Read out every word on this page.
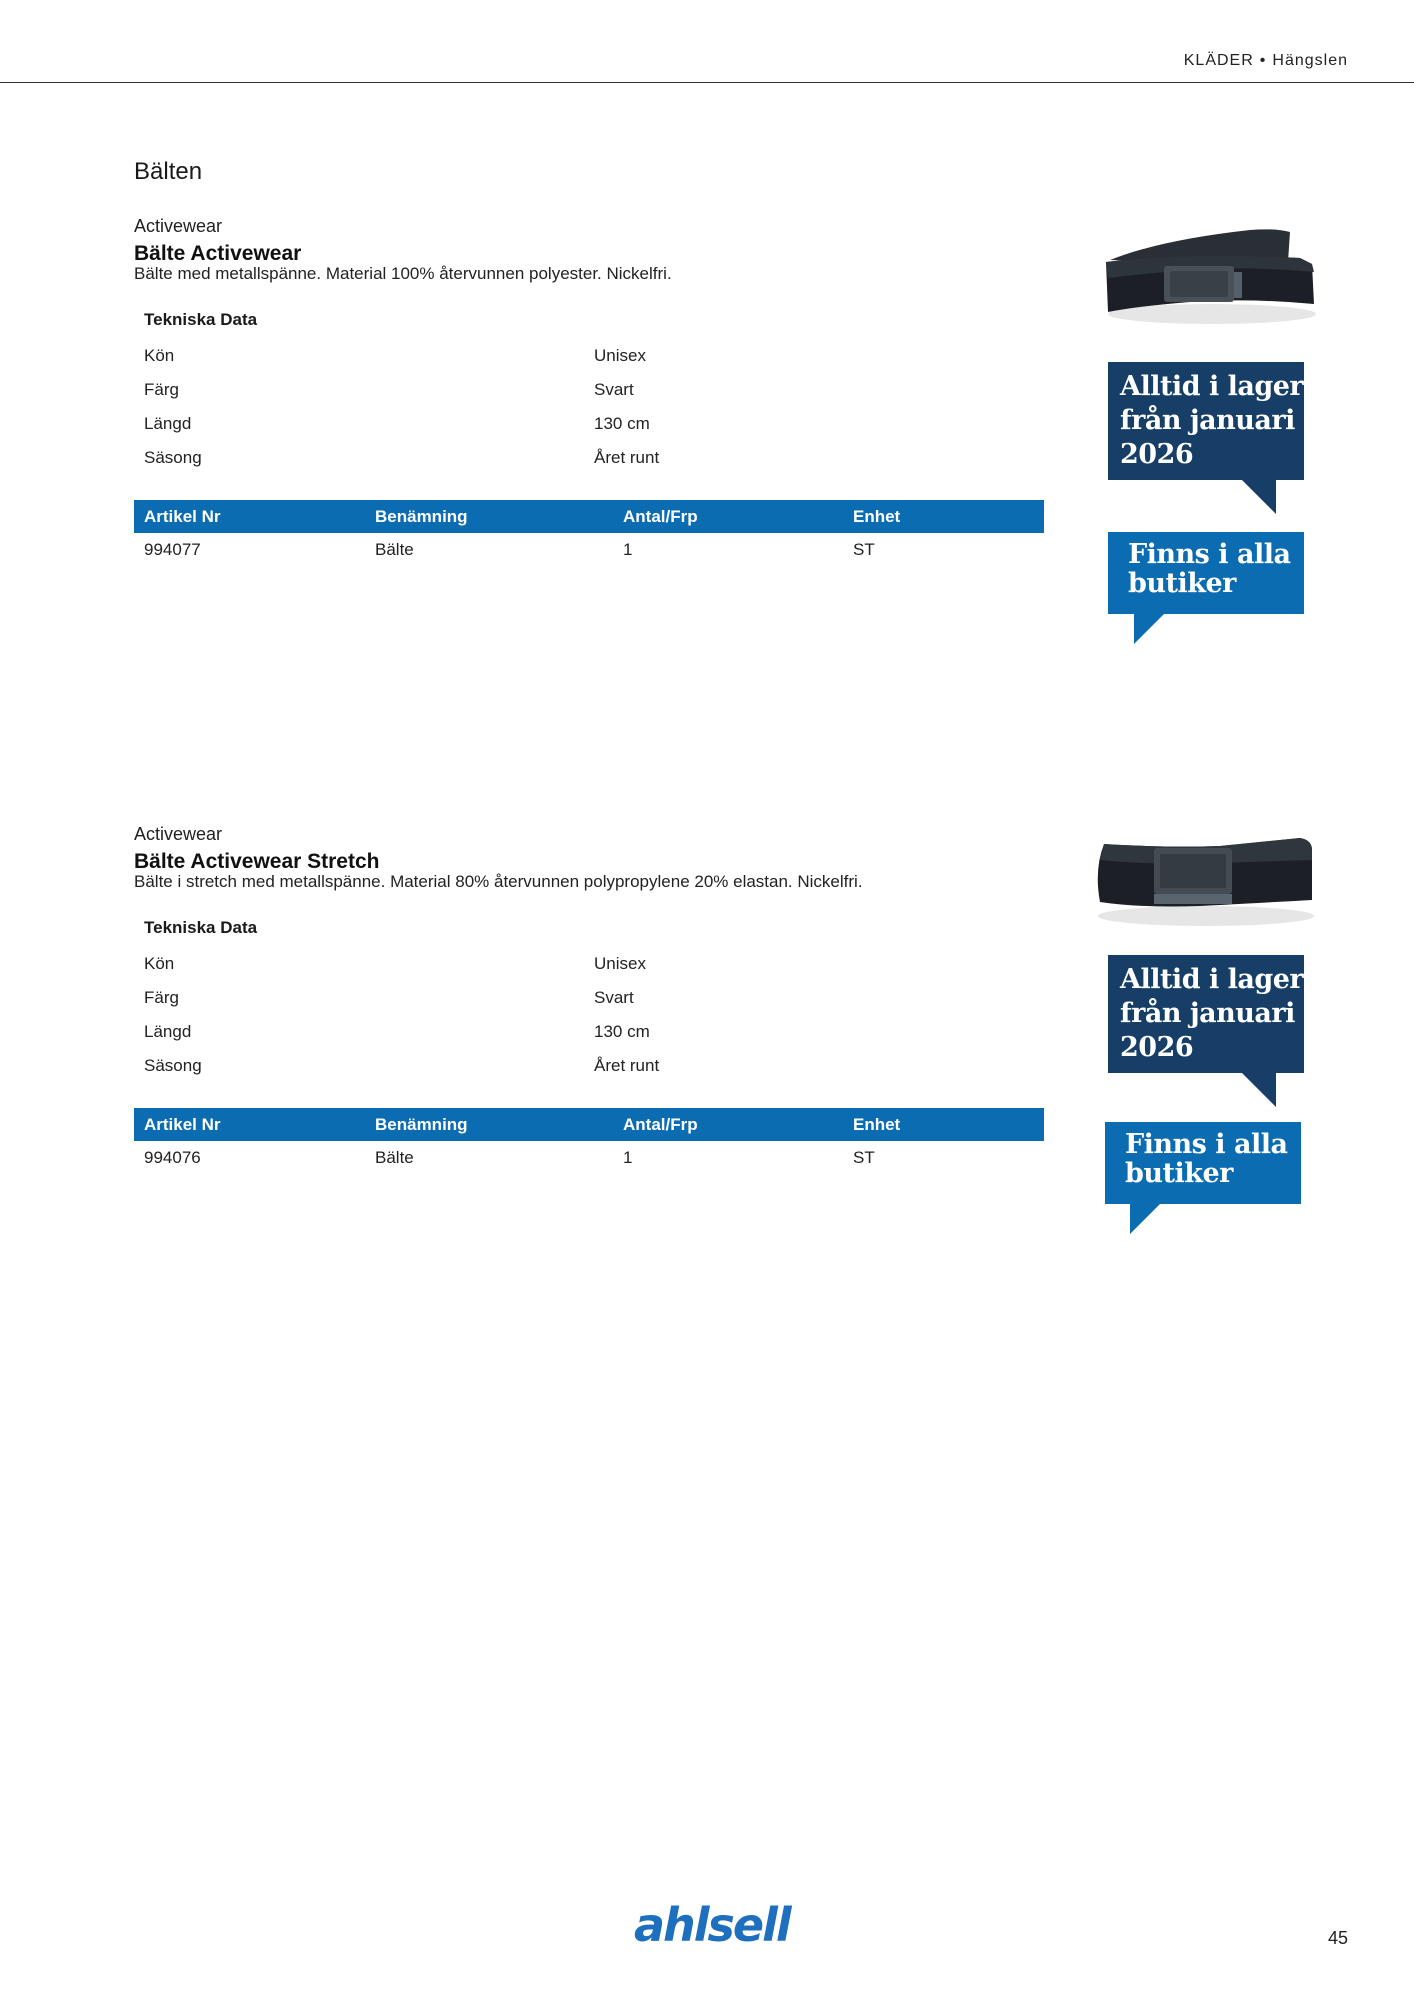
KLÄDER • Hängslen
Bälten
Activewear
Bälte Activewear
Bälte med metallspänne. Material 100% återvunnen polyester. Nickelfri.
Tekniska Data
Kön	Unisex
Färg	Svart
Längd	130 cm
Säsong	Året runt
Artikel Nr	Benämning	Antal/Frp	Enhet
994077	Bälte	1	ST
Alltid i lager
från januari
2026
Finns i alla
butiker
Activewear
Bälte Activewear Stretch
Bälte i stretch med metallspänne. Material 80% återvunnen polypropylene 20% elastan. Nickelfri.
Tekniska Data
Kön	Unisex
Färg	Svart
Längd	130 cm
Säsong	Året runt
Artikel Nr	Benämning	Antal/Frp	Enhet
994076	Bälte	1	ST
Alltid i lager
från januari
2026
Finns i alla
butiker
ahlsell	45
